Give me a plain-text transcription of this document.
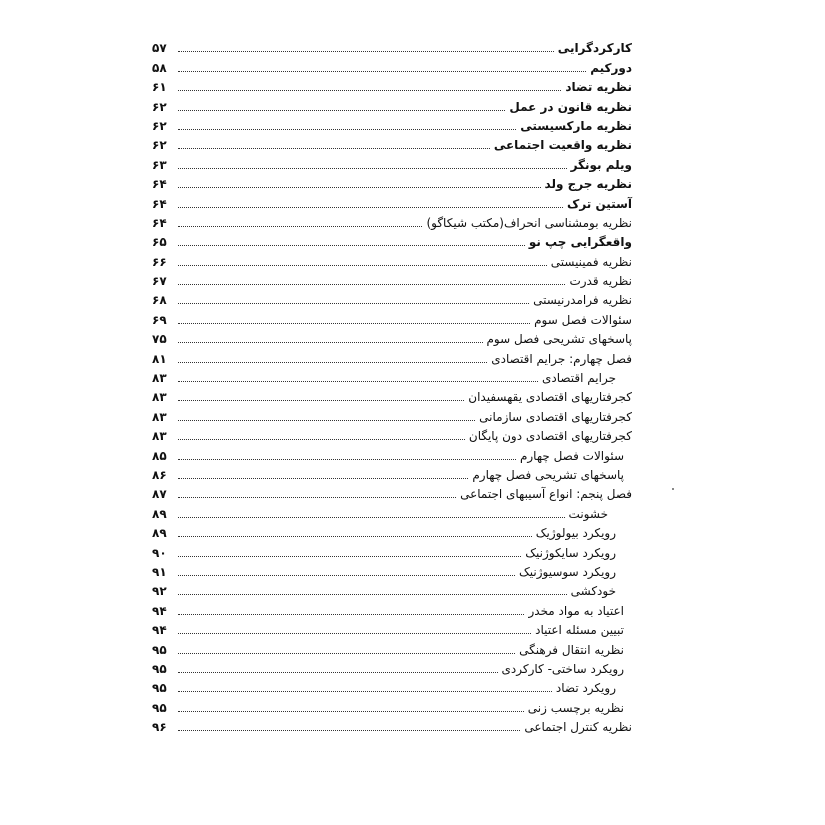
کارکردگرایی
۵۷
دورکیم
۵۸
نظریه تضاد
۶۱
نظریه قانون در عمل
۶۲
نظریه مارکسیستی
۶۲
نظریه واقعیت اجتماعی
۶۲
ویلم بونگر
۶۳
نظریه جرج ولد
۶۴
آستین ترک
۶۴
نظریه بومشناسی انحراف(مکتب شیکاگو)
۶۴
واقعگرایی چپ نو
۶۵
نظریه فمینیستی
۶۶
نظریه قدرت
۶۷
نظریه فرامدرنیستی
۶۸
سئوالات فصل سوم
۶۹
پاسخهای تشریحی فصل سوم
۷۵
فصل چهارم: جرایم اقتصادی
۸۱
جرایم اقتصادی
۸۳
کجرفتاریهای اقتصادی یقهسفیدان
۸۳
کجرفتاریهای اقتصادی سازمانی
۸۳
کجرفتاریهای اقتصادی دون پایگان
۸۳
سئوالات فصل چهارم
۸۵
پاسخهای تشریحی فصل چهارم
۸۶
فصل پنجم: انواع آسیبهای اجتماعی
۸۷
خشونت
۸۹
رویکرد بیولوژیک
۸۹
رویکرد سایکوژنیک
۹۰
رویکرد سوسیوژنیک
۹۱
خودکشی
۹۲
اعتیاد به مواد مخدر
۹۴
تبیین مسئله اعتیاد
۹۴
نظریه انتقال فرهنگی
۹۵
رویکرد ساختی- کارکردی
۹۵
رویکرد تضاد
۹۵
نظریه برچسب زنی
۹۵
نظریه کنترل اجتماعی
۹۶
